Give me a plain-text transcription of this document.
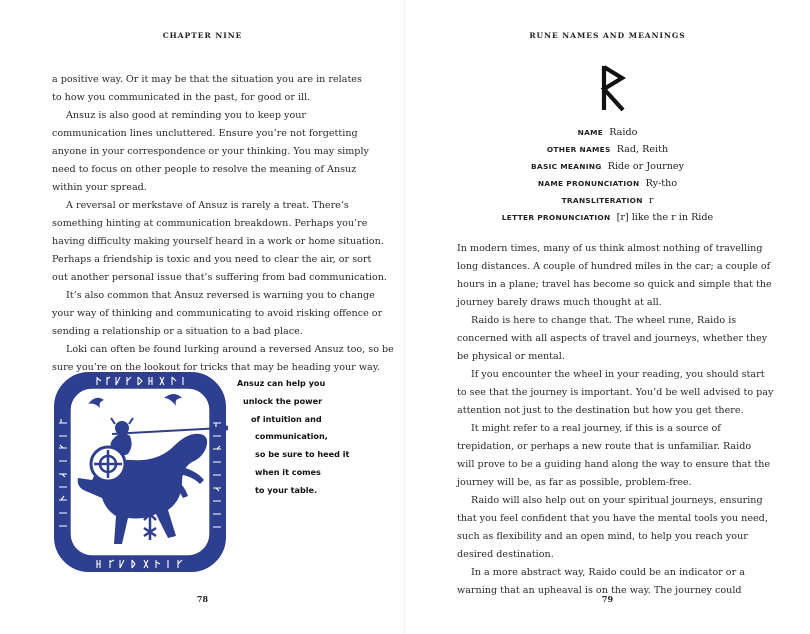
CHAPTER NINE

a positive way. Or it may be that the situation you are in relates

to how you communicated in the past, for good or ill.

Ansuz is also good at reminding you to keep your

communication lines uncluttered. Ensure you’re not forgetting

anyone in your correspondence or your thinking. You may simply

need to focus on other people to resolve the meaning of Ansuz

within your spread.

A reversal or merkstave of Ansuz is rarely a treat. There’s

something hinting at communication breakdown. Perhaps you’re

having difficulty making yourself heard in a work or home situation.

Perhaps a friendship is toxic and you need to clear the air, or sort

out another personal issue that’s suffering from bad communication.

It’s also common that Ansuz reversed is warning you to change

your way of thinking and communicating to avoid risking offence or

sending a relationship or a situation to a bad place.

Loki can often be found lurking around a reversed Ansuz too, so be

sure you’re on the lookout for tricks that may be heading your way.

Ansuz can help you
unlock the power
of intuition and
communication,
so be sure to heed it
when it comes
to your table.
78
RUNE NAMES AND MEANINGS
NAME Raido
OTHER NAMES Rad, Reith
BASIC MEANING Ride or Journey
NAME PRONUNCIATION Ry-tho
TRANSLITERATION r
LETTER PRONUNCIATION [r] like the r in Ride

In modern times, many of us think almost nothing of travelling

long distances. A couple of hundred miles in the car; a couple of

hours in a plane; travel has become so quick and simple that the

journey barely draws much thought at all.

Raido is here to change that. The wheel rune, Raido is

concerned with all aspects of travel and journeys, whether they

be physical or mental.

If you encounter the wheel in your reading, you should start

to see that the journey is important. You’d be well advised to pay

attention not just to the destination but how you get there.

It might refer to a real journey, if this is a source of

trepidation, or perhaps a new route that is unfamiliar. Raido

will prove to be a guiding hand along the way to ensure that the

journey will be, as far as possible, problem-free.

Raido will also help out on your spiritual journeys, ensuring

that you feel confident that you have the mental tools you need,

such as flexibility and an open mind, to help you reach your

desired destination.

In a more abstract way, Raido could be an indicator or a

warning that an upheaval is on the way. The journey could

79
